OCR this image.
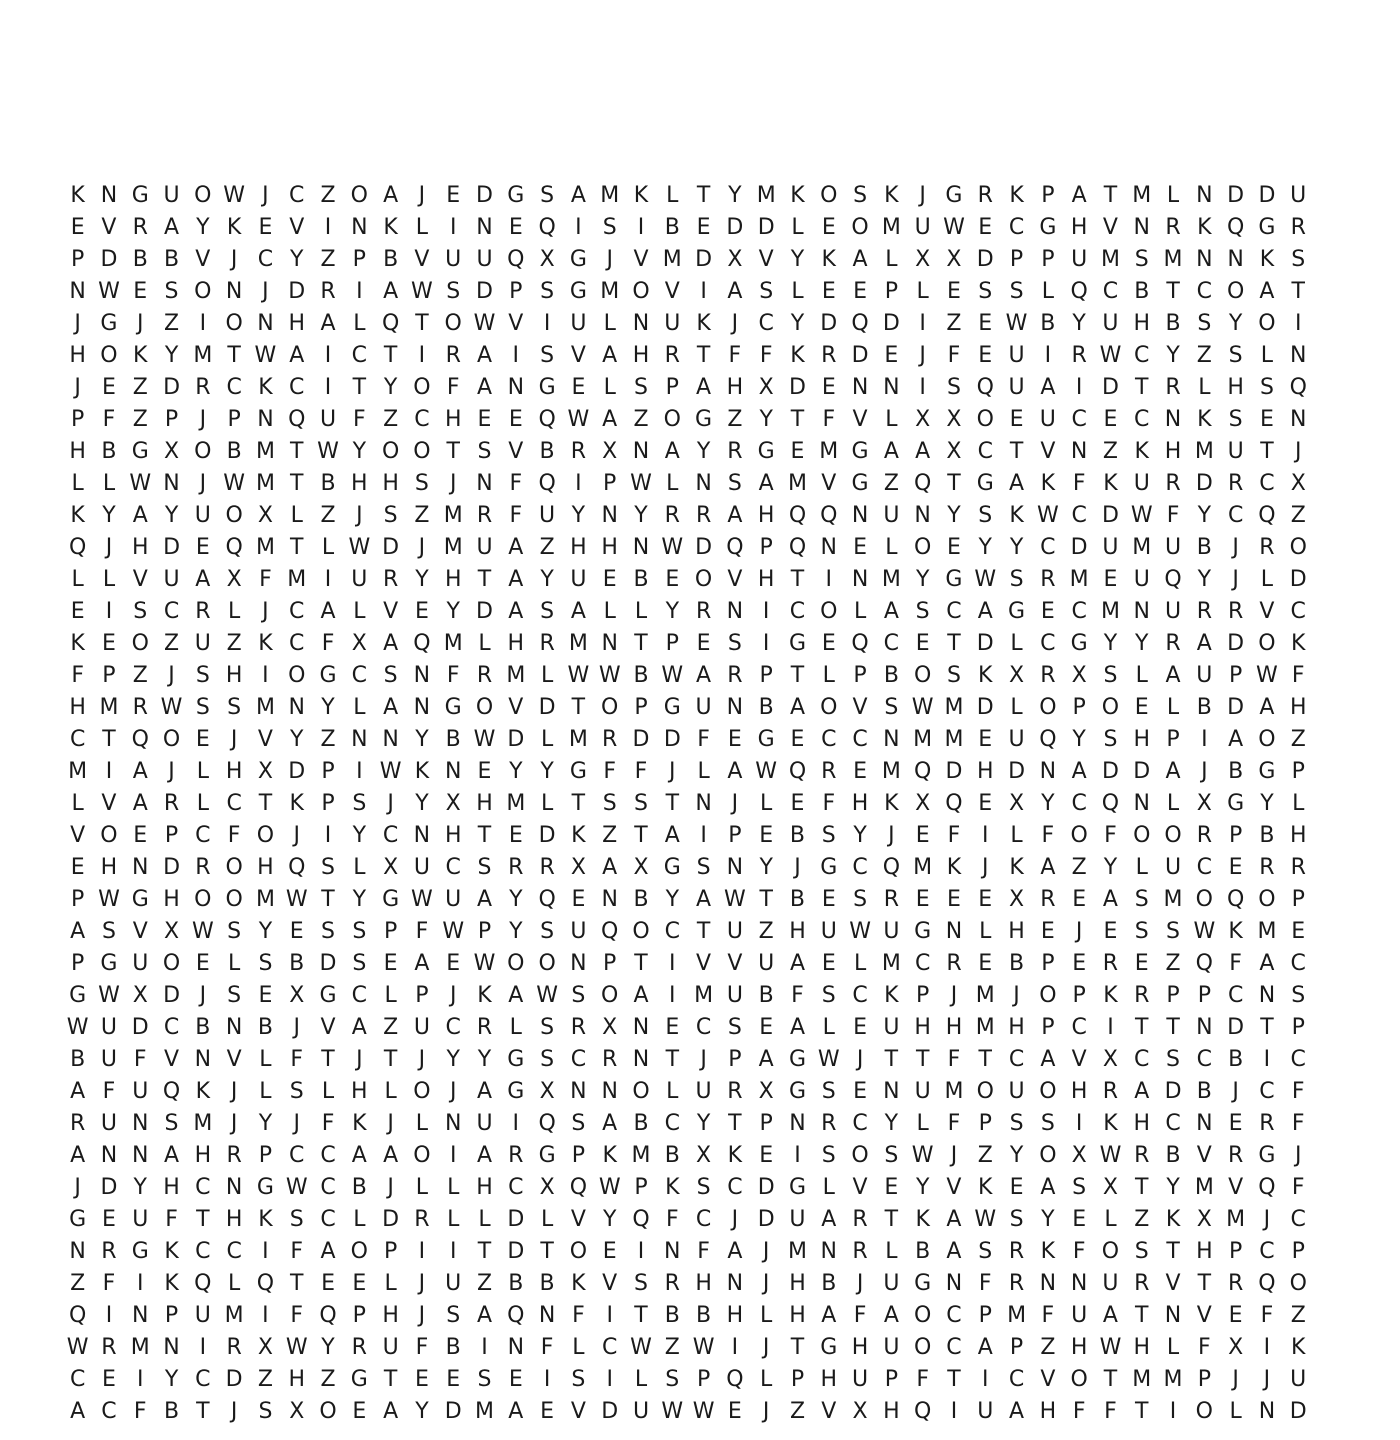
K N G U O W J C Z O A J E D G S A M K L T Y M K O S K J G R K P A T M L N D D U
E V R A Y K E V I N K L I N E Q I S I B E D D L E O M U W E C G H V N R K Q G R
P D B B V J C Y Z P B V U U Q X G J V M D X V Y K A L X X D P P U M S M N N K S
N W E S O N J D R I A W S D P S G M O V I A S L E E P L E S S L Q C B T C O A T
J G J Z I O N H A L Q T O W V I U L N U K J C Y D Q D I Z E W B Y U H B S Y O I
H O K Y M T W A I C T I R A I S V A H R T F F K R D E J F E U I R W C Y Z S L N
J E Z D R C K C I T Y O F A N G E L S P A H X D E N N I S Q U A I D T R L H S Q
P F Z P J P N Q U F Z C H E E Q W A Z O G Z Y T F V L X X O E U C E C N K S E N
H B G X O B M T W Y O O T S V B R X N A Y R G E M G A A X C T V N Z K H M U T J
L L W N J W M T B H H S J N F Q I P W L N S A M V G Z Q T G A K F K U R D R C X
K Y A Y U O X L Z J S Z M R F U Y N Y R R A H Q Q N U N Y S K W C D W F Y C Q Z
Q J H D E Q M T L W D J M U A Z H H N W D Q P Q N E L O E Y Y C D U M U B J R O
L L V U A X F M I U R Y H T A Y U E B E O V H T I N M Y G W S R M E U Q Y J L D
E I S C R L J C A L V E Y D A S A L L Y R N I C O L A S C A G E C M N U R R V C
K E O Z U Z K C F X A Q M L H R M N T P E S I G E Q C E T D L C G Y Y R A D O K
F P Z J S H I O G C S N F R M L W W B W A R P T L P B O S K X R X S L A U P W F
H M R W S S M N Y L A N G O V D T O P G U N B A O V S W M D L O P O E L B D A H
C T Q O E J V Y Z N N Y B W D L M R D D F E G E C C N M M E U Q Y S H P I A O Z
M I A J L H X D P I W K N E Y Y G F F J L A W Q R E M Q D H D N A D D A J B G P
L V A R L C T K P S J Y X H M L T S S T N J L E F H K X Q E X Y C Q N L X G Y L
V O E P C F O J	I Y C N H T E D K Z T A I P E B S Y J E F I L F O F O O R P B H
E H N D R O H Q S L X U C S R R X A X G S N Y J G C Q M K J K A Z Y L U C E R R
P W G H O O M W T Y G W U A Y Q E N B Y A W T B E S R E E E X R E A S M O Q O P
A S V X W S Y E S S P F W P Y S U Q O C T U Z H U W U G N L H E J E S S W K M E
P G U O E L S B D S E A E W O O N P T I V V U A E L M C R E B P E R E Z Q F A C
G W X D J S E X G C L P J K A W S O A I M U B F S C K P J M J O P K R P P C N S
W U D C B N B J V A Z U C R L S R X N E C S E A L E U H H M H P C I T T N D T P
B U F V N V L F T J T J Y Y G S C R N T J P A G W J T T F T C A V X C S C B I C
A F U Q K J L S L H L O J A G X N N O L U R X G S E N U M O U O H R A D B J C F
R U N S M J Y J F K J L N U I Q S A B C Y T P N R C Y L F P S S I K H C N E R F
A N N A H R P C C A A O I A R G P K M B X K E I S O S W J Z Y O X W R B V R G J
J D Y H C N G W C B J L L H C X Q W P K S C D G L V E Y V K E A S X T Y M V Q F
G E U F T H K S C L D R L L D L V Y Q F C J D U A R T K A W S Y E L Z K X M J C
N R G K C C I F A O P I	I T D T O E I N F A J M N R L B A S R K F O S T H P C P
Z F I K Q L Q T E E L J U Z B B K V S R H N J H B J U G N F R N N U R V T R Q O
Q I N P U M I F Q P H J S A Q N F I T B B H L H A F A O C P M F U A T N V E F Z
W R M N I R X W Y R U F B I N F L C W Z W I	J T G H U O C A P Z H W H L F X I K
C E I Y C D Z H Z G T E E S E I S I L S P Q L P H U P F T I C V O T M M P J	J U
A C F B T J S X O E A Y D M A E V D U W W E J Z V X H Q I U A H F F T I O L N D
